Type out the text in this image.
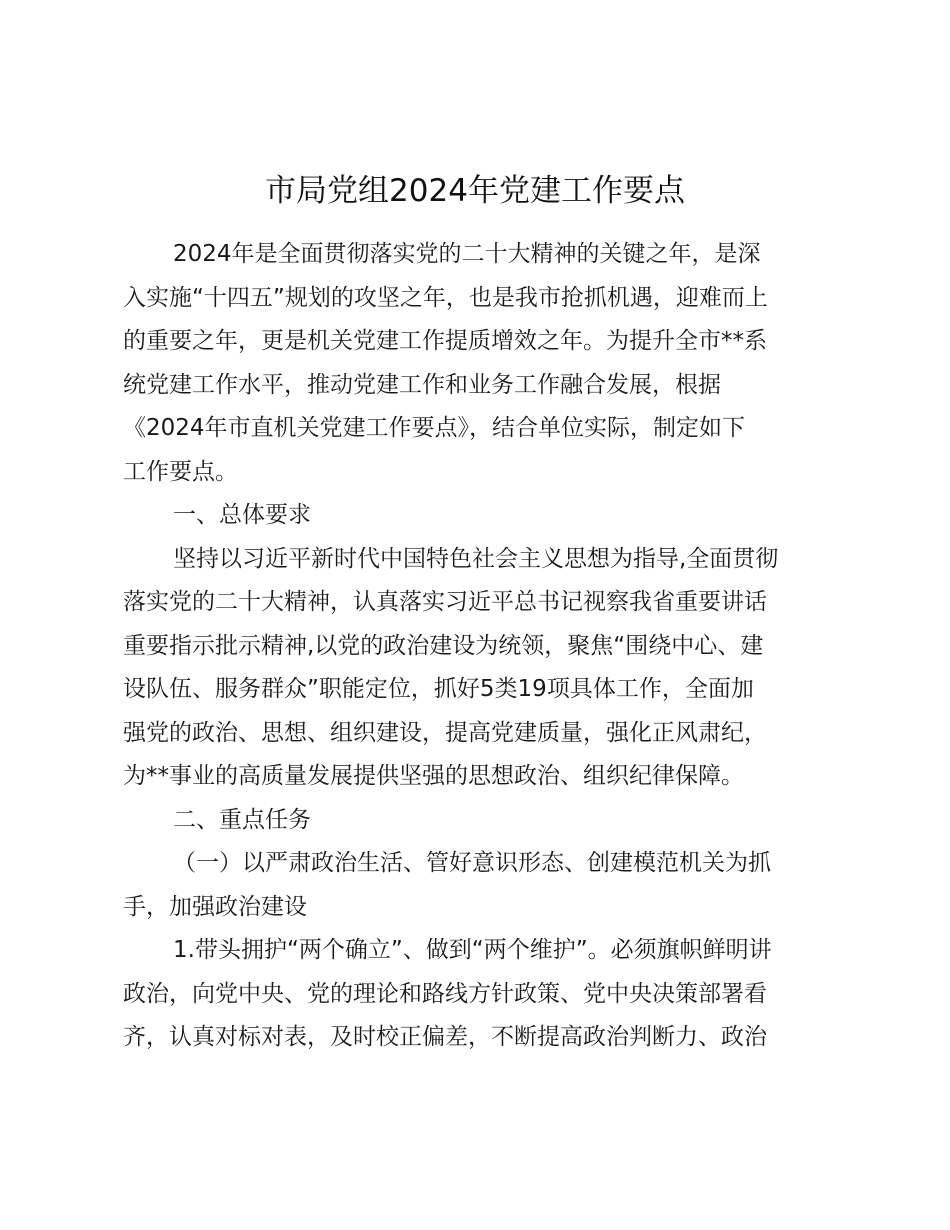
市局党组2024年党建工作要点
2024年是全面贯彻落实党的二十大精神的关键之年，是深
入实施“十四五”规划的攻坚之年，也是我市抢抓机遇，迎难而上
的重要之年，更是机关党建工作提质增效之年。为提升全市**系
统党建工作水平，推动党建工作和业务工作融合发展，根据
《2024年市直机关党建工作要点》，结合单位实际，制定如下
工作要点。
一、总体要求
坚持以习近平新时代中国特色社会主义思想为指导,全面贯彻
落实党的二十大精神，认真落实习近平总书记视察我省重要讲话
重要指示批示精神,以党的政治建设为统领，聚焦“围绕中心、建
设队伍、服务群众”职能定位，抓好5类19项具体工作，全面加
强党的政治、思想、组织建设，提高党建质量，强化正风肃纪，
为**事业的高质量发展提供坚强的思想政治、组织纪律保障。
二、重点任务
（一）以严肃政治生活、管好意识形态、创建模范机关为抓
手，加强政治建设
1.带头拥护“两个确立”、做到“两个维护”。必须旗帜鲜明讲
政治，向党中央、党的理论和路线方针政策、党中央决策部署看
齐，认真对标对表，及时校正偏差，不断提高政治判断力、政治
